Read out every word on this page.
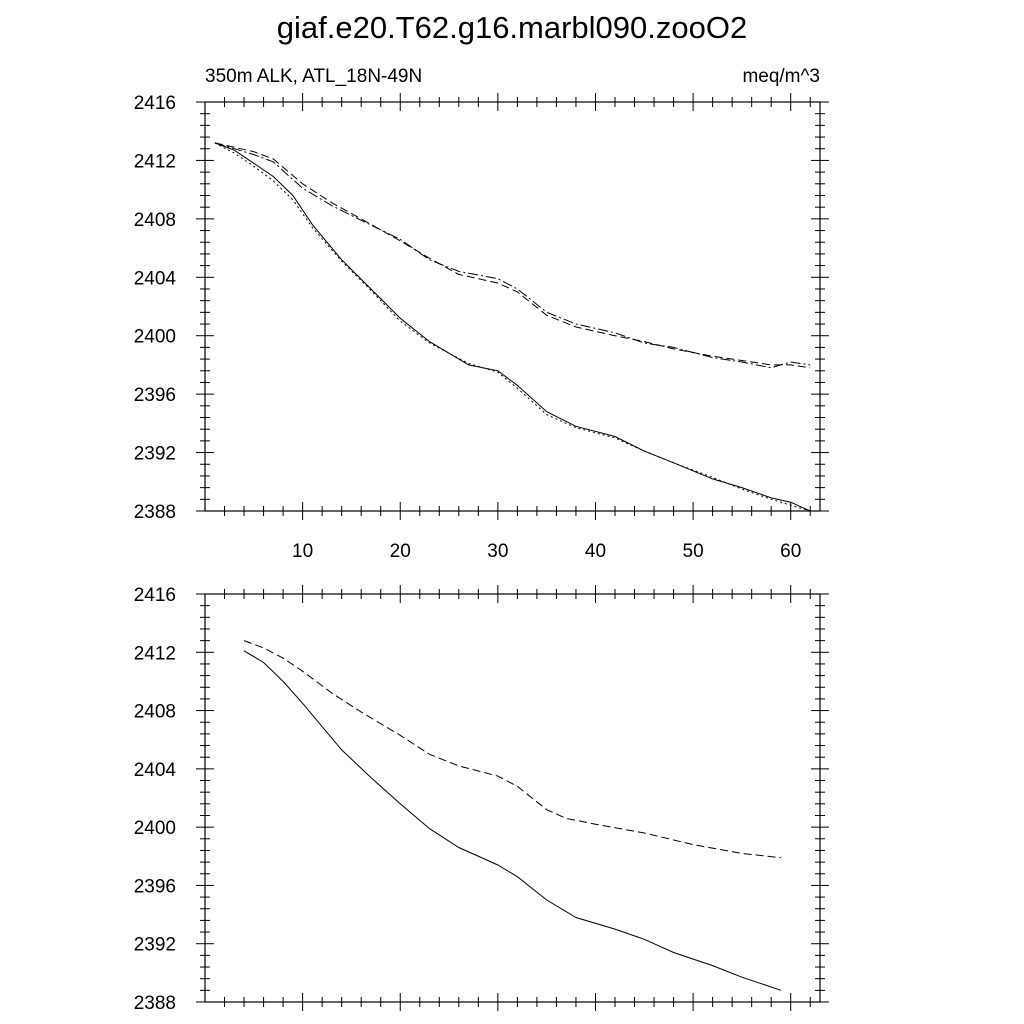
giaf.e20.T62.g16.marbl090.zooO2
350m ALK, ATL_18N-49N	meq/m^3
2388
2392
2396
2400
2404
2408
2412
2416
10	20	30	40	50	60
2388
2392
2396
2400
2404
2408
2412
2416
